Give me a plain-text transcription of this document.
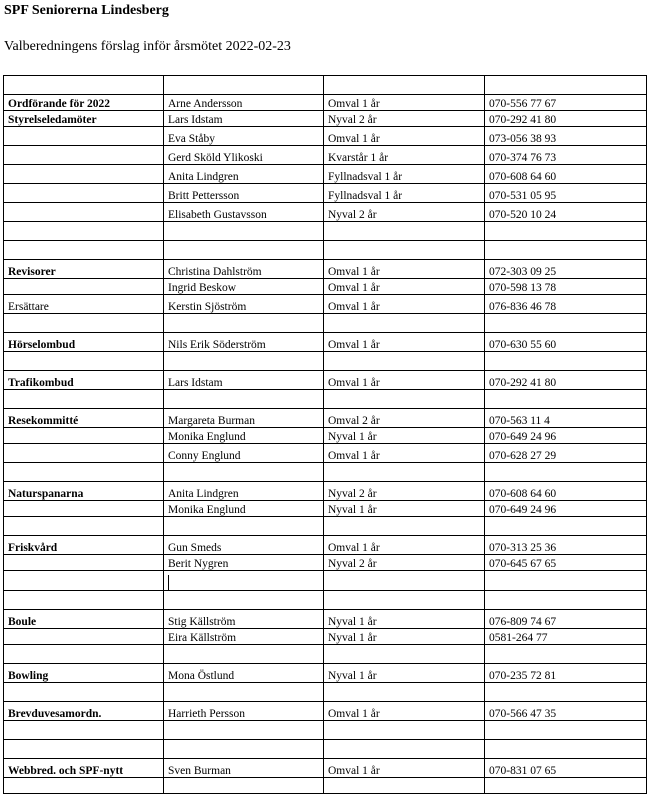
SPF Seniorerna Lindesberg
Valberedningens förslag inför årsmötet 2022-02-23

Ordförande för 2022	Arne Andersson	Omval 1 år	070-556 77 67
Styrelseledamöter	Lars Idstam	Nyval 2 år	070-292 41 80
	Eva Ståby	Omval 1 år	073-056 38 93
	Gerd Sköld Ylikoski	Kvarstår 1 år	070-374 76 73
	Anita Lindgren	Fyllnadsval 1 år	070-608 64 60
	Britt Pettersson	Fyllnadsval 1 år	070-531 05 95
	Elisabeth Gustavsson	Nyval 2 år	070-520 10 24

Revisorer	Christina Dahlström	Omval 1 år	072-303 09 25
	Ingrid Beskow	Omval 1 år	070-598 13 78
Ersättare	Kerstin Sjöström	Omval 1 år	076-836 46 78

Hörselombud	Nils Erik Söderström	Omval 1 år	070-630 55 60

Trafikombud	Lars Idstam	Omval 1 år	070-292 41 80

Resekommitté	Margareta Burman	Omval 2 år	070-563 11 4
	Monika Englund	Nyval 1 år	070-649 24 96
	Conny Englund	Omval 1 år	070-628 27 29

Naturspanarna	Anita Lindgren	Nyval 2 år	070-608 64 60
	Monika Englund	Nyval 1 år	070-649 24 96

Friskvård	Gun Smeds	Omval 1 år	070-313 25 36
	Berit Nygren	Nyval 2 år	070-645 67 65

Boule	Stig Källström	Nyval 1 år	076-809 74 67
	Eira Källström	Nyval 1 år	0581-264 77

Bowling	Mona Östlund	Nyval 1 år	070-235 72 81

Brevduvesamordn.	Harrieth Persson	Omval 1 år	070-566 47 35

Webbred. och SPF-nytt	Sven Burman	Omval 1 år	070-831 07 65
